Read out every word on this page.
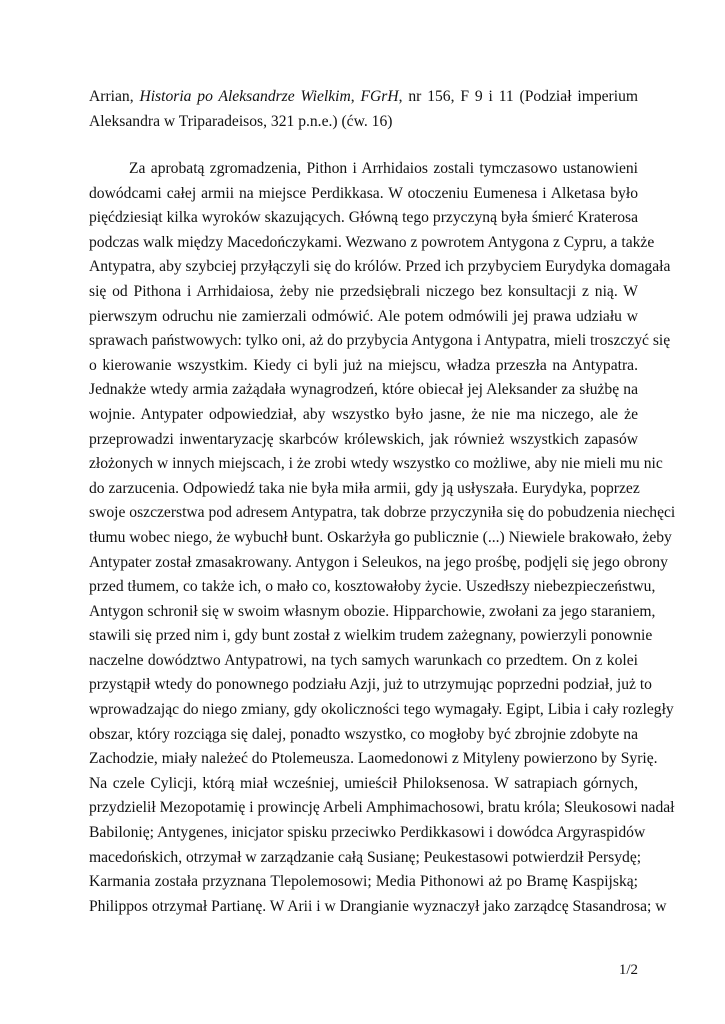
Arrian, Historia po Aleksandrze Wielkim, FGrH, nr 156, F 9 i 11 (Podział imperium
Aleksandra w Triparadeisos, 321 p.n.e.) (ćw. 16)
Za aprobatą zgromadzenia, Pithon i Arrhidaios zostali tymczasowo ustanowieni
dowódcami całej armii na miejsce Perdikkasa. W otoczeniu Eumenesa i Alketasa było
pięćdziesiąt kilka wyroków skazujących. Główną tego przyczyną była śmierć Kraterosa
podczas walk między Macedończykami. Wezwano z powrotem Antygona z Cypru, a także
Antypatra, aby szybciej przyłączyli się do królów. Przed ich przybyciem Eurydyka domagała
się od Pithona i Arrhidaiosa, żeby nie przedsiębrali niczego bez konsultacji z nią. W
pierwszym odruchu nie zamierzali odmówić. Ale potem odmówili jej prawa udziału w
sprawach państwowych: tylko oni, aż do przybycia Antygona i Antypatra, mieli troszczyć się
o kierowanie wszystkim. Kiedy ci byli już na miejscu, władza przeszła na Antypatra.
Jednakże wtedy armia zażądała wynagrodzeń, które obiecał jej Aleksander za służbę na
wojnie. Antypater odpowiedział, aby wszystko było jasne, że nie ma niczego, ale że
przeprowadzi inwentaryzację skarbców królewskich, jak również wszystkich zapasów
złożonych w innych miejscach, i że zrobi wtedy wszystko co możliwe, aby nie mieli mu nic
do zarzucenia. Odpowiedź taka nie była miła armii, gdy ją usłyszała. Eurydyka, poprzez
swoje oszczerstwa pod adresem Antypatra, tak dobrze przyczyniła się do pobudzenia niechęci
tłumu wobec niego, że wybuchł bunt. Oskarżyła go publicznie (...) Niewiele brakowało, żeby
Antypater został zmasakrowany. Antygon i Seleukos, na jego prośbę, podjęli się jego obrony
przed tłumem, co także ich, o mało co, kosztowałoby życie. Uszedłszy niebezpieczeństwu,
Antygon schronił się w swoim własnym obozie. Hipparchowie, zwołani za jego staraniem,
stawili się przed nim i, gdy bunt został z wielkim trudem zażegnany, powierzyli ponownie
naczelne dowództwo Antypatrowi, na tych samych warunkach co przedtem. On z kolei
przystąpił wtedy do ponownego podziału Azji, już to utrzymując poprzedni podział, już to
wprowadzając do niego zmiany, gdy okoliczności tego wymagały. Egipt, Libia i cały rozległy
obszar, który rozciąga się dalej, ponadto wszystko, co mogłoby być zbrojnie zdobyte na
Zachodzie, miały należeć do Ptolemeusza. Laomedonowi z Mityleny powierzono by Syrię.
Na czele Cylicji, którą miał wcześniej, umieścił Philoksenosa. W satrapiach górnych,
przydzielił Mezopotamię i prowincję Arbeli Amphimachosowi, bratu króla; Sleukosowi nadał
Babilonię; Antygenes, inicjator spisku przeciwko Perdikkasowi i dowódca Argyraspidów
macedońskich, otrzymał w zarządzanie całą Susianę; Peukestasowi potwierdził Persydę;
Karmania została przyznana Tlepolemosowi; Media Pithonowi aż po Bramę Kaspijską;
Philippos otrzymał Partianę. W Arii i w Drangianie wyznaczył jako zarządcę Stasandrosa; w
1/2
